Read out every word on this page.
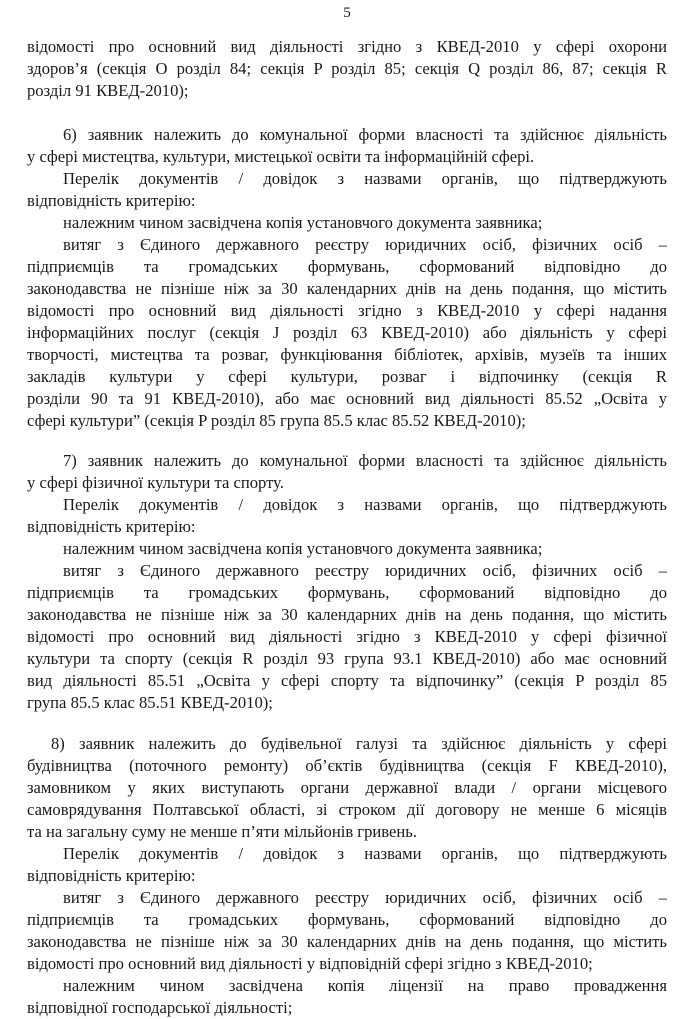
5
відомості про основний вид діяльності згідно з КВЕД-2010 у сфері охорони
здоров’я (секція O розділ 84; секція P розділ 85; секція Q розділ 86, 87; секція R
розділ 91 КВЕД-2010);
6) заявник належить до комунальної форми власності та здійснює діяльність
у сфері мистецтва, культури, мистецької освіти та інформаційній сфері.
Перелік документів / довідок з назвами органів, що підтверджують
відповідність критерію:
належним чином засвідчена копія установчого документа заявника;
витяг з Єдиного державного реєстру юридичних осіб, фізичних осіб –
підприємців та громадських формувань, сформований відповідно до
законодавства не пізніше ніж за 30 календарних днів на день подання, що містить
відомості про основний вид діяльності згідно з КВЕД-2010 у сфері надання
інформаційних послуг (секція J розділ 63 КВЕД-2010) або діяльність у сфері
творчості, мистецтва та розваг, функціювання бібліотек, архівів, музеїв та інших
закладів культури у сфері культури, розваг і відпочинку (секція R
розділи 90 та 91 КВЕД-2010), або має основний вид діяльності 85.52 „Освіта у
сфері культури” (секція P розділ 85 група 85.5 клас 85.52 КВЕД-2010);
7) заявник належить до комунальної форми власності та здійснює діяльність
у сфері фізичної культури та спорту.
Перелік документів / довідок з назвами органів, що підтверджують
відповідність критерію:
належним чином засвідчена копія установчого документа заявника;
витяг з Єдиного державного реєстру юридичних осіб, фізичних осіб –
підприємців та громадських формувань, сформований відповідно до
законодавства не пізніше ніж за 30 календарних днів на день подання, що містить
відомості про основний вид діяльності згідно з КВЕД-2010 у сфері фізичної
культури та спорту (секція R розділ 93 група 93.1 КВЕД-2010) або має основний
вид діяльності 85.51 „Освіта у сфері спорту та відпочинку” (секція P розділ 85
група 85.5 клас 85.51 КВЕД-2010);
8) заявник належить до будівельної галузі та здійснює діяльність у сфері
будівництва (поточного ремонту) об’єктів будівництва (секція F КВЕД-2010),
замовником у яких виступають органи державної влади / органи місцевого
самоврядування Полтавської області, зі строком дії договору не менше 6 місяців
та на загальну суму не менше п’яти мільйонів гривень.
Перелік документів / довідок з назвами органів, що підтверджують
відповідність критерію:
витяг з Єдиного державного реєстру юридичних осіб, фізичних осіб –
підприємців та громадських формувань, сформований відповідно до
законодавства не пізніше ніж за 30 календарних днів на день подання, що містить
відомості про основний вид діяльності у відповідній сфері згідно з КВЕД-2010;
належним чином засвідчена копія ліцензії на право провадження
відповідної господарської діяльності;
